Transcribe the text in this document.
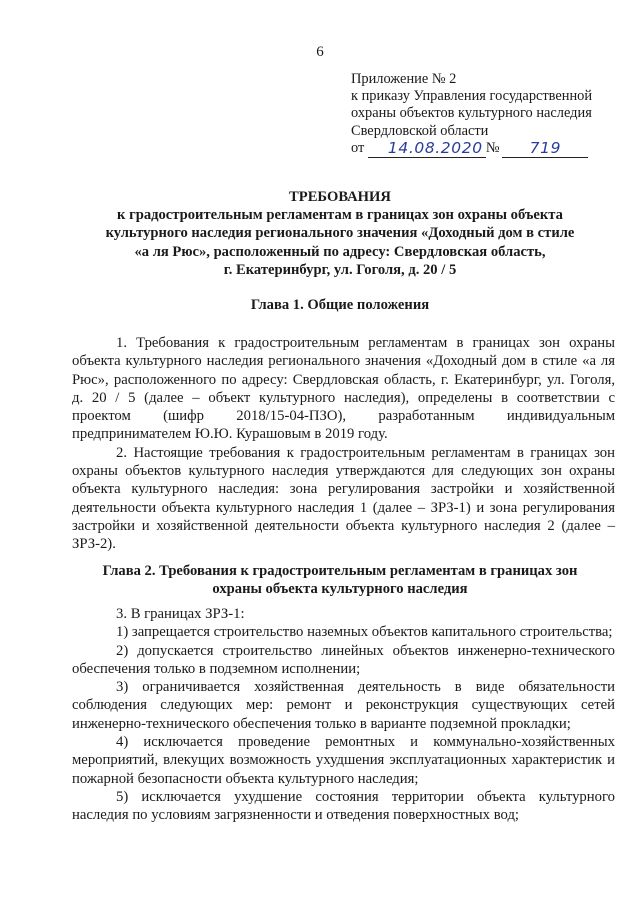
6
Приложение № 2
к приказу Управления государственной
охраны объектов культурного наследия
Свердловской области
от 14.08.2020 № 719
ТРЕБОВАНИЯ
к градостроительным регламентам в границах зон охраны объекта
культурного наследия регионального значения «Доходный дом в стиле
«а ля Рюс», расположенный по адресу: Свердловская область,
г. Екатеринбург, ул. Гоголя, д. 20 / 5
Глава 1. Общие положения

1. Требования к градостроительным регламентам в границах зон охраны объекта культурного наследия регионального значения «Доходный дом в стиле «а ля Рюс», расположенного по адресу: Свердловская область, г. Екатеринбург, ул. Гоголя, д. 20 / 5 (далее – объект культурного наследия), определены в соответствии с проектом (шифр 2018/15-04-ПЗО), разработанным индивидуальным предпринимателем Ю.Ю. Курашовым в 2019 году.

2. Настоящие требования к градостроительным регламентам в границах зон охраны объектов культурного наследия утверждаются для следующих зон охраны объекта культурного наследия: зона регулирования застройки и хозяйственной деятельности объекта культурного наследия 1 (далее – ЗРЗ-1) и зона регулирования застройки и хозяйственной деятельности объекта культурного наследия 2 (далее – ЗРЗ-2).

Глава 2. Требования к градостроительным регламентам в границах зон
охраны объекта культурного наследия

3. В границах ЗРЗ-1:

1) запрещается строительство наземных объектов капитального строительства;

2) допускается строительство линейных объектов инженерно-технического обеспечения только в подземном исполнении;

3) ограничивается хозяйственная деятельность в виде обязательности соблюдения следующих мер: ремонт и реконструкция существующих сетей инженерно-технического обеспечения только в варианте подземной прокладки;

4) исключается проведение ремонтных и коммунально-хозяйственных мероприятий, влекущих возможность ухудшения эксплуатационных характеристик и пожарной безопасности объекта культурного наследия;

5) исключается ухудшение состояния территории объекта культурного наследия по условиям загрязненности и отведения поверхностных вод;
